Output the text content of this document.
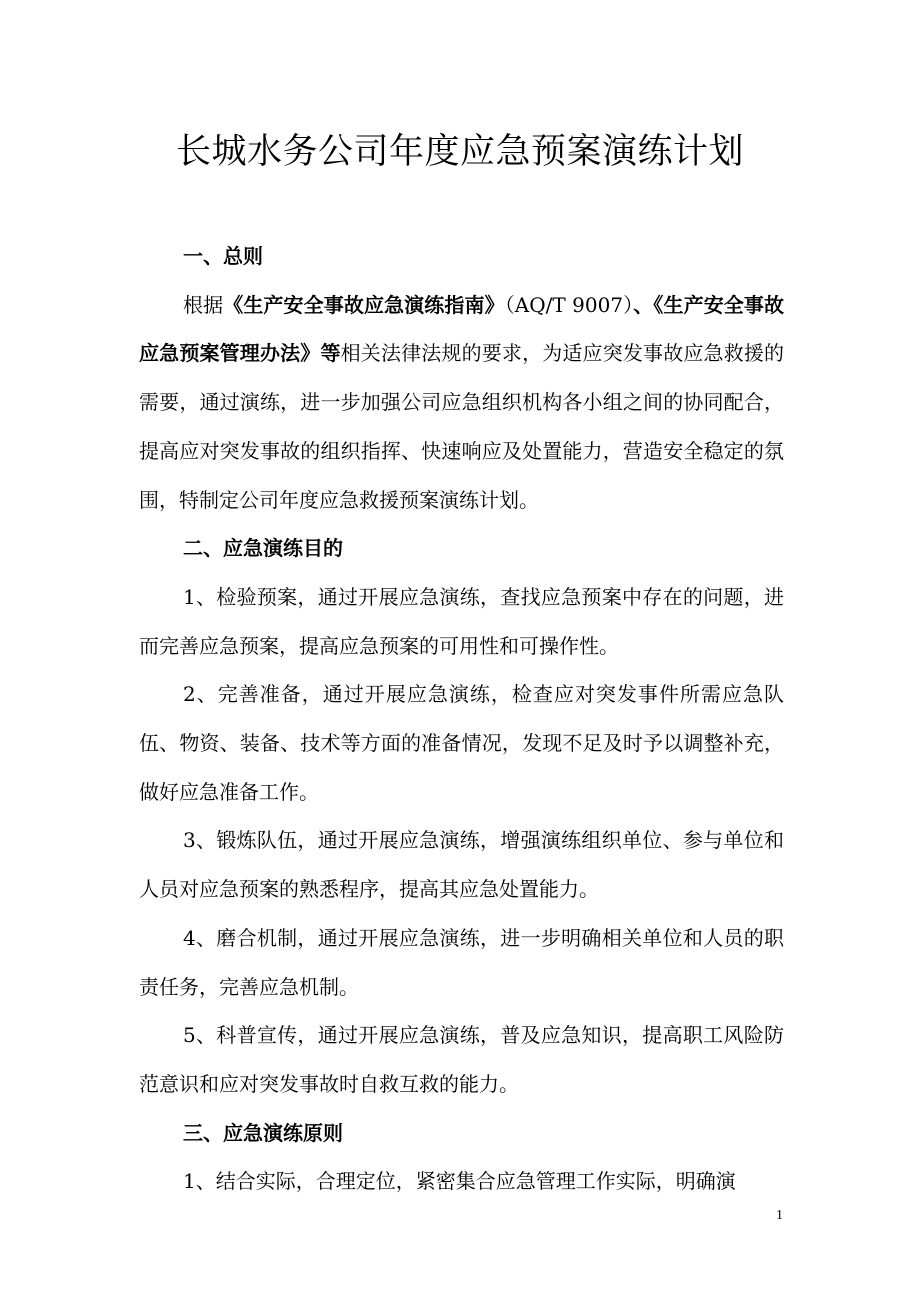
长城水务公司年度应急预案演练计划

一、总则

根据《生产安全事故应急演练指南》（AQ/T 9007）、《生产安全事故应急预案管理办法》等相关法律法规的要求，为适应突发事故应急救援的需要，通过演练，进一步加强公司应急组织机构各小组之间的协同配合，提高应对突发事故的组织指挥、快速响应及处置能力，营造安全稳定的氛围，特制定公司年度应急救援预案演练计划。

二、应急演练目的

1、检验预案，通过开展应急演练，查找应急预案中存在的问题，进而完善应急预案，提高应急预案的可用性和可操作性。

2、完善准备，通过开展应急演练，检查应对突发事件所需应急队伍、物资、装备、技术等方面的准备情况，发现不足及时予以调整补充，做好应急准备工作。

3、锻炼队伍，通过开展应急演练，增强演练组织单位、参与单位和人员对应急预案的熟悉程序，提高其应急处置能力。

4、磨合机制，通过开展应急演练，进一步明确相关单位和人员的职责任务，完善应急机制。

5、科普宣传，通过开展应急演练，普及应急知识，提高职工风险防范意识和应对突发事故时自救互救的能力。

三、应急演练原则

1、结合实际，合理定位，紧密集合应急管理工作实际，明确演

1
